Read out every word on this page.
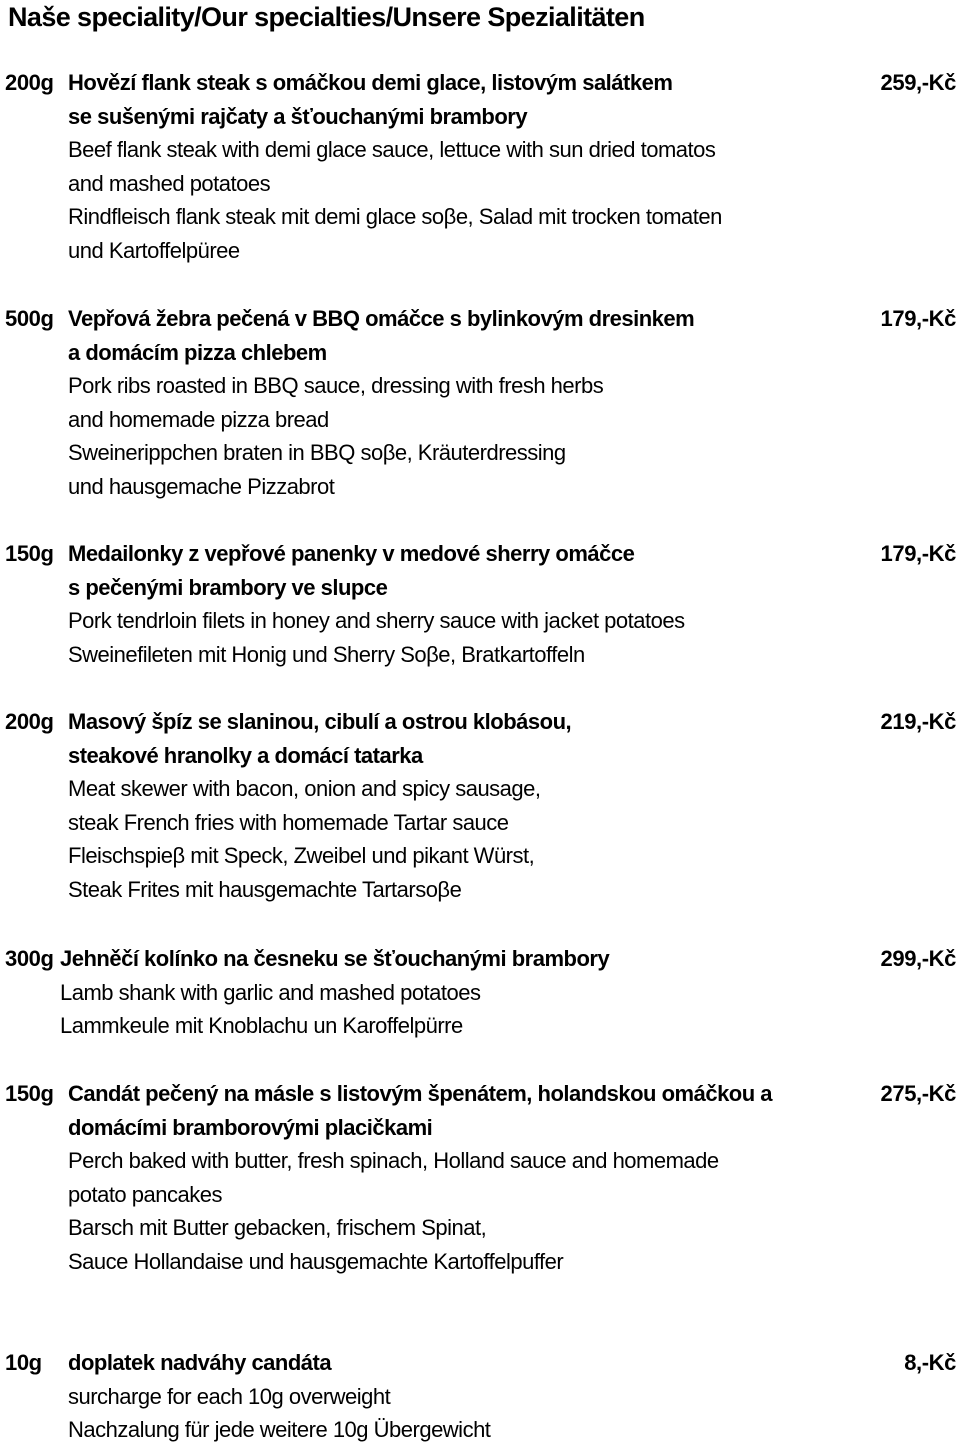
Naše speciality/Our specialties/Unsere Spezialitäten
200g Hovězí flank steak s omáčkou demi glace, listovým salátkem
se sušenými rajčaty a šťouchanými brambory
Beef flank steak with demi glace sauce, lettuce with sun dried tomatos
and mashed potatoes
Rindfleisch flank steak mit demi glace soβe, Salad mit trocken tomaten
und Kartoffelpüree
259,-Kč
500g Vepřová žebra pečená v BBQ omáčce s bylinkovým dresinkem
a domácím pizza chlebem
Pork ribs roasted in BBQ sauce, dressing with fresh herbs
and homemade pizza bread
Sweinerippchen braten in BBQ soβe, Kräuterdressing
und hausgemache Pizzabrot
179,-Kč
150g Medailonky z vepřové panenky v medové sherry omáčce
s pečenými brambory ve slupce
Pork tendrloin filets in honey and sherry sauce with jacket potatoes
Sweinefileten mit Honig und Sherry Soβe, Bratkartoffeln
179,-Kč
200g Masový špíz se slaninou, cibulí a ostrou klobásou,
steakové hranolky a domácí tatarka
Meat skewer with bacon, onion and spicy sausage,
steak French fries with homemade Tartar sauce
Fleischspieβ mit Speck, Zweibel und pikant Würst,
Steak Frites mit hausgemachte Tartarsoβe
219,-Kč
300g Jehněčí kolínko na česneku se šťouchanými brambory
Lamb shank with garlic and mashed potatoes
Lammkeule mit Knoblachu un Karoffelpürre
299,-Kč
150g Candát pečený na másle s listovým špenátem, holandskou omáčkou a
domácími bramborovými placičkami
Perch baked with butter, fresh spinach, Holland sauce and homemade
potato pancakes
Barsch mit Butter gebacken, frischem Spinat,
Sauce Hollandaise und hausgemachte Kartoffelpuffer
275,-Kč
10g doplatek nadváhy candáta
surcharge for each 10g overweight
Nachzalung für jede weitere 10g Übergewicht
8,-Kč
